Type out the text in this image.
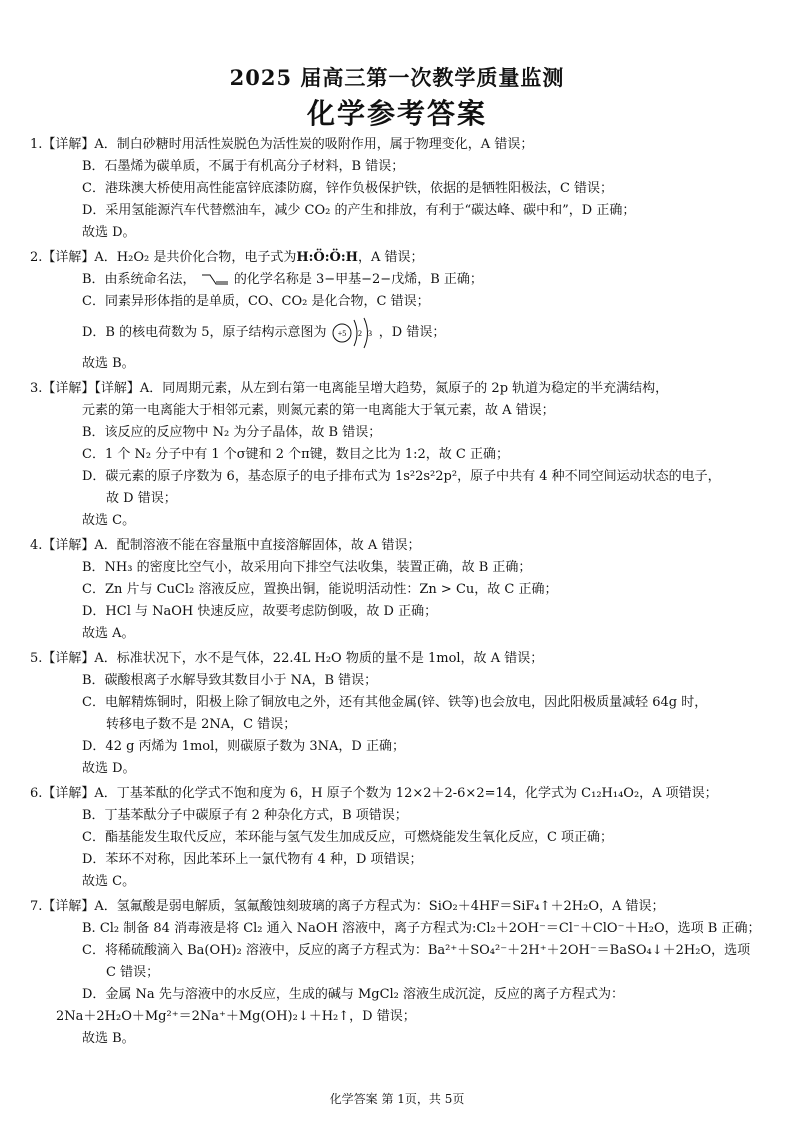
2025 届高三第一次教学质量监测
化学参考答案
1.【详解】A．制白砂糖时用活性炭脱色为活性炭的吸附作用，属于物理变化，A 错误；
B．石墨烯为碳单质，不属于有机高分子材料，B 错误；
C．港珠澳大桥使用高性能富锌底漆防腐，锌作负极保护铁，依据的是牺牲阳极法，C 错误；
D．采用氢能源汽车代替燃油车，减少 CO₂ 的产生和排放，有利于“碳达峰、碳中和”，D 正确；
故选 D。
2.【详解】A．H₂O₂ 是共价化合物，电子式为H:Ö:Ö:H，A 错误；
B．由系统命名法，	的化学名称是 3−甲基−2−戊烯，B 正确；
C．同素异形体指的是单质，CO、CO₂ 是化合物，C 错误；
D．B 的核电荷数为 5，原子结构示意图为 +5 2 3 ，D 错误；
故选 B。
3.【详解】【详解】A．同周期元素，从左到右第一电离能呈增大趋势，氮原子的 2p 轨道为稳定的半充满结构，
元素的第一电离能大于相邻元素，则氮元素的第一电离能大于氧元素，故 A 错误；
B．该反应的反应物中 N₂ 为分子晶体，故 B 错误；
C．1 个 N₂ 分子中有 1 个σ键和 2 个π键，数目之比为 1:2，故 C 正确；
D．碳元素的原子序数为 6，基态原子的电子排布式为 1s²2s²2p²，原子中共有 4 种不同空间运动状态的电子，
故 D 错误；
故选 C。
4.【详解】A．配制溶液不能在容量瓶中直接溶解固体，故 A 错误；
B．NH₃ 的密度比空气小，故采用向下排空气法收集，装置正确，故 B 正确；
C．Zn 片与 CuCl₂ 溶液反应，置换出铜，能说明活动性：Zn > Cu，故 C 正确；
D．HCl 与 NaOH 快速反应，故要考虑防倒吸，故 D 正确；
故选 A。
5.【详解】A．标准状况下，水不是气体，22.4L H₂O 物质的量不是 1mol，故 A 错误；
B．碳酸根离子水解导致其数目小于 NA，B 错误；
C．电解精炼铜时，阳极上除了铜放电之外，还有其他金属(锌、铁等)也会放电，因此阳极质量减轻 64g 时，
转移电子数不是 2NA，C 错误；
D．42 g 丙烯为 1mol，则碳原子数为 3NA，D 正确；
故选 D。
6.【详解】A．丁基苯酞的化学式不饱和度为 6，H 原子个数为 12×2＋2-6×2=14，化学式为 C₁₂H₁₄O₂，A 项错误；
B．丁基苯酞分子中碳原子有 2 种杂化方式，B 项错误；
C．酯基能发生取代反应，苯环能与氢气发生加成反应，可燃烧能发生氧化反应，C 项正确；
D．苯环不对称，因此苯环上一氯代物有 4 种，D 项错误；
故选 C。
7.【详解】A．氢氟酸是弱电解质，氢氟酸蚀刻玻璃的离子方程式为：SiO₂＋4HF＝SiF₄↑＋2H₂O，A 错误；
B. Cl₂ 制备 84 消毒液是将 Cl₂ 通入 NaOH 溶液中，离子方程式为:Cl₂＋2OH⁻＝Cl⁻＋ClO⁻＋H₂O，选项 B 正确；
C．将稀硫酸滴入 Ba(OH)₂ 溶液中，反应的离子方程式为：Ba²⁺＋SO₄²⁻＋2H⁺＋2OH⁻＝BaSO₄↓＋2H₂O，选项
C 错误；
D．金属 Na 先与溶液中的水反应，生成的碱与 MgCl₂ 溶液生成沉淀，反应的离子方程式为：
2Na＋2H₂O＋Mg²⁺＝2Na⁺＋Mg(OH)₂↓＋H₂↑，D 错误；
故选 B。
化学答案 第 1页，共 5页
